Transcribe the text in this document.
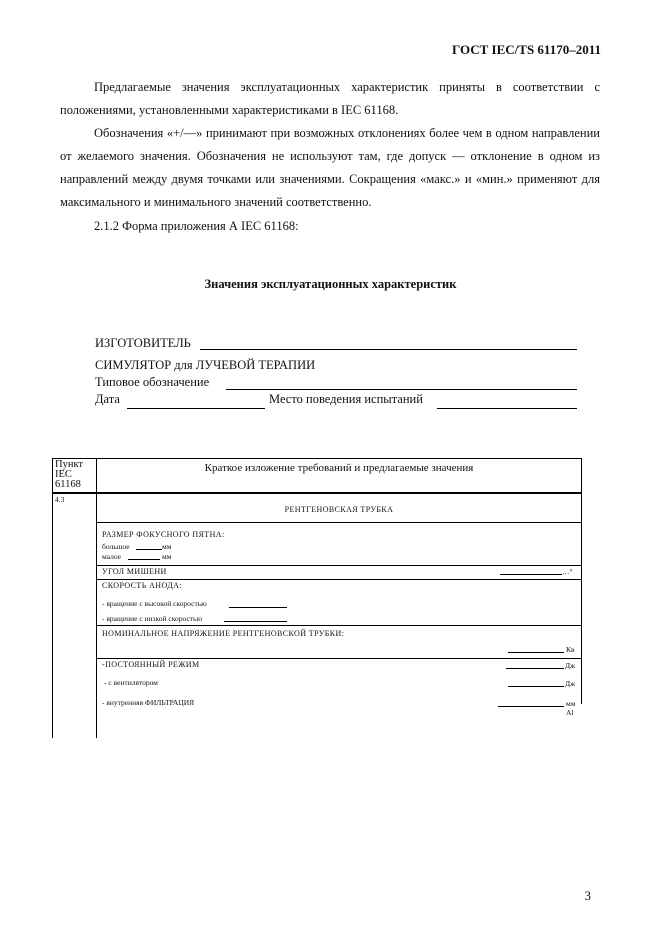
ГОСТ IEC/TS 61170–2011
Предлагаемые значения эксплуатационных характеристик приняты в соответствии с положениями, установленными характеристиками в IEC 61168.
Обозначения «+/—» принимают при возможных отклонениях более чем в одном направлении от желаемого значения. Обозначения не используют там, где допуск — отклонение в одном из направлений между двумя точками или значениями. Сокращения «макс.» и «мин.» применяют для максимального и минимального значений соответственно.
2.1.2 Форма приложения А IEC 61168:
Значения эксплуатационных характеристик
ИЗГОТОВИТЕЛЬ
СИМУЛЯТОР для ЛУЧЕВОЙ ТЕРАПИИ
Типовое обозначение
Дата	Место поведения испытаний
Пункт IEC 61168
Краткое изложение требований и предлагаемые значения
4.3
РЕНТГЕНОВСКАЯ ТРУБКА
РАЗМЕР ФОКУСНОГО ПЯТНА:
большое	мм
малое	мм
УГОЛ МИШЕНИ	…°
СКОРОСТЬ АНОДА:
- вращение с высокой скоростью
- вращение с низкой скоростью
НОМИНАЛЬНОЕ НАПРЯЖЕНИЕ РЕНТГЕНОВСКОЙ ТРУБКИ:
Кв
-ПОСТОЯННЫЙ РЕЖИМ	Дж
- с вентилятором	Дж
- внутренняя ФИЛЬТРАЦИЯ	мм Al
3
